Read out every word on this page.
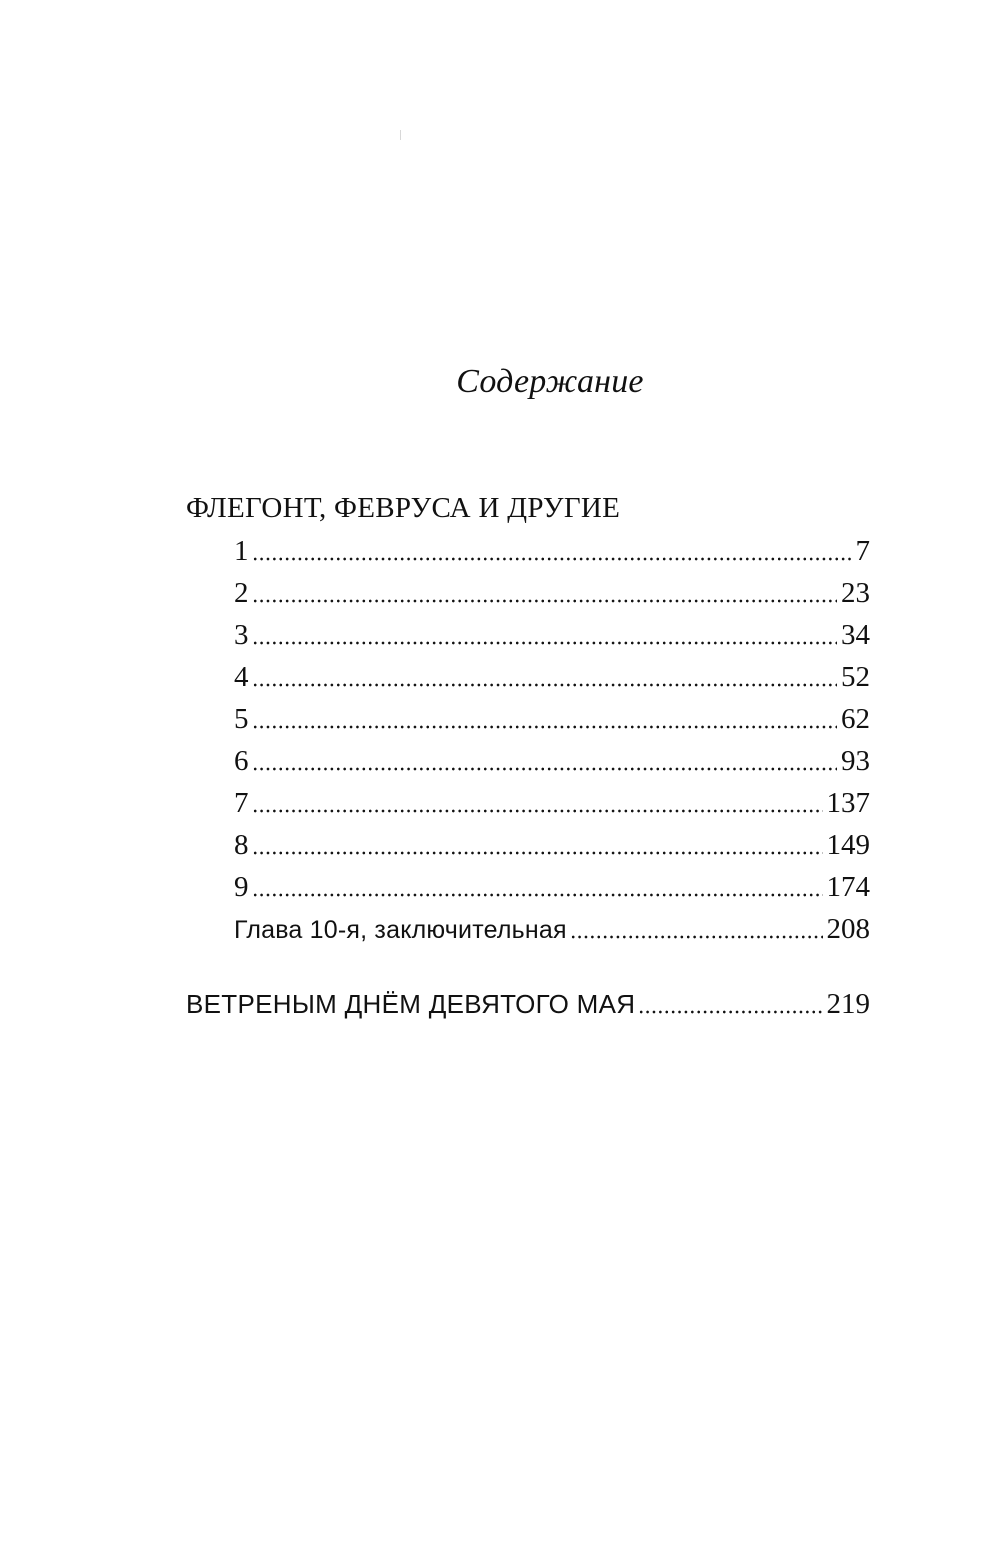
Содержание
ФЛЕГОНТ, ФЕВРУСА И ДРУГИЕ
1	7
2	23
3	34
4	52
5	62
6	93
7	137
8	149
9	174
Глава 10-я, заключительная	208
ВЕТРЕНЫМ ДНЁМ ДЕВЯТОГО МАЯ	219
